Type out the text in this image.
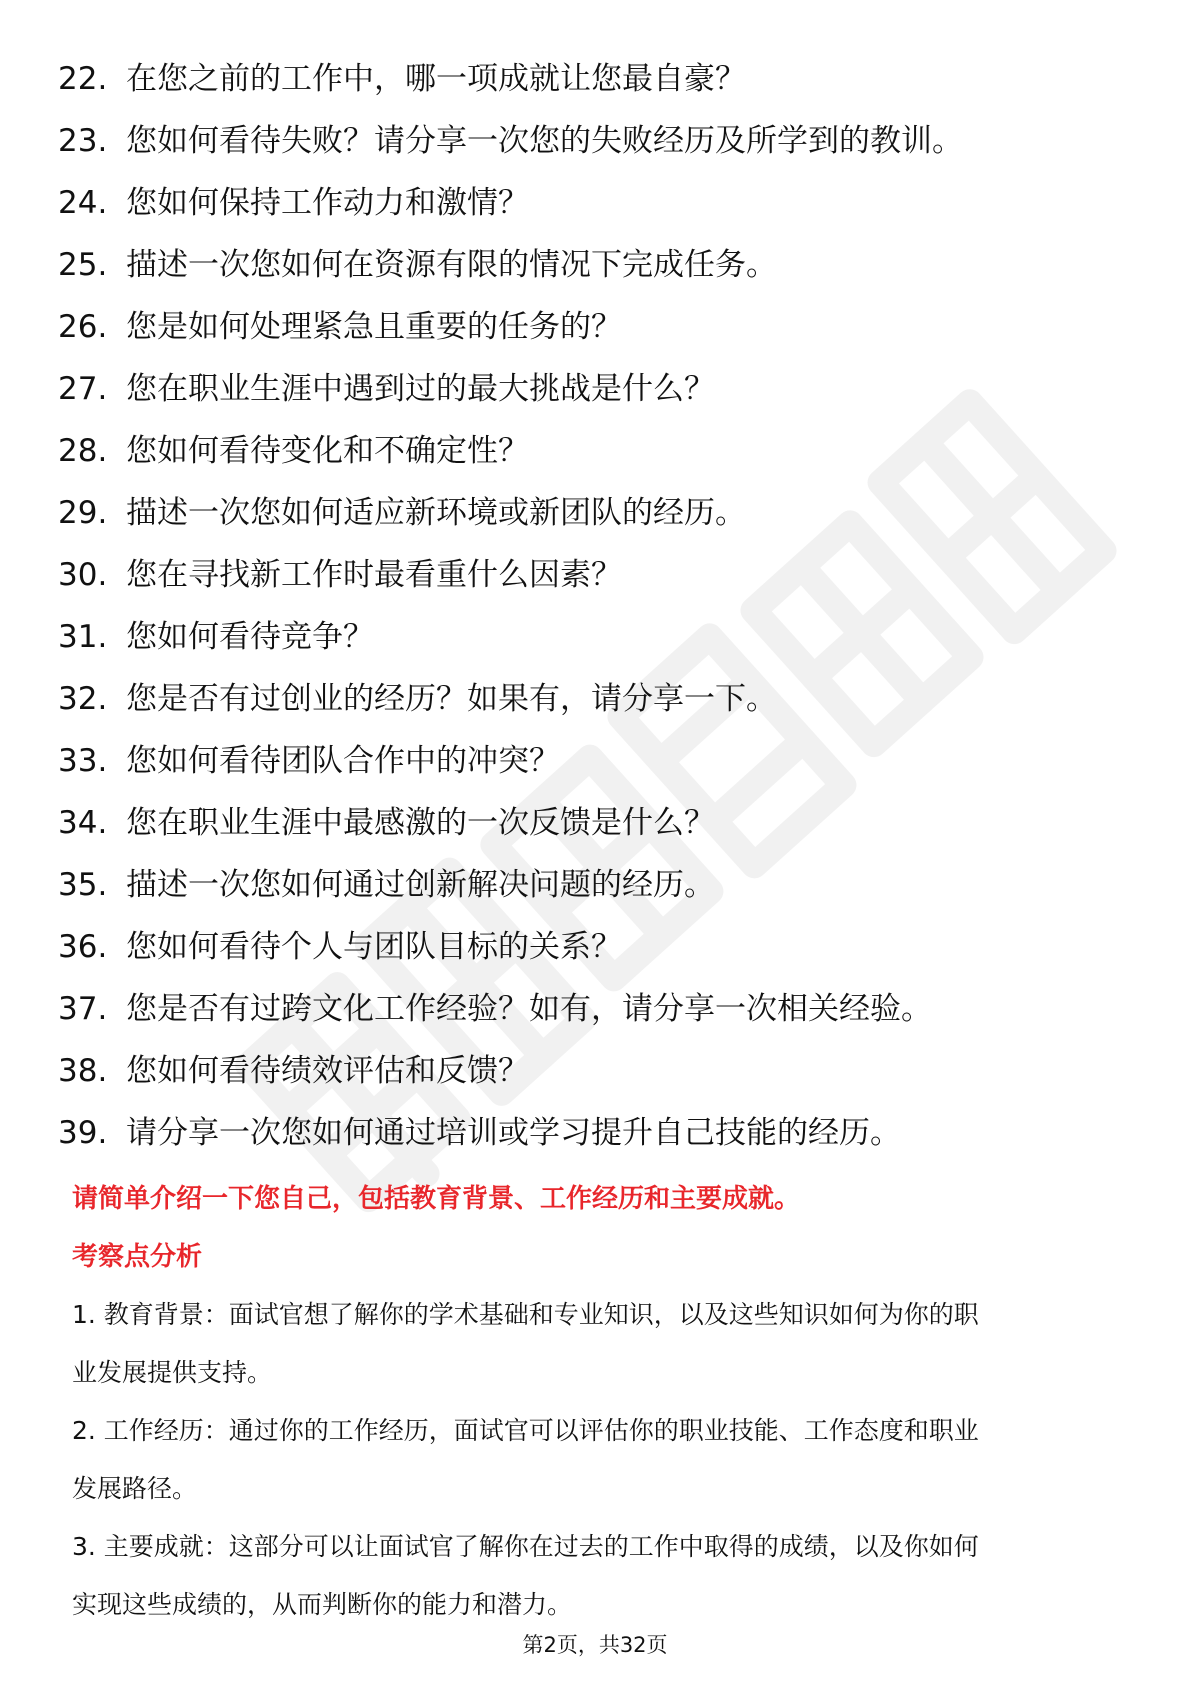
22. 在您之前的工作中，哪一项成就让您最自豪？
23. 您如何看待失败？请分享一次您的失败经历及所学到的教训。
24. 您如何保持工作动力和激情？
25. 描述一次您如何在资源有限的情况下完成任务。
26. 您是如何处理紧急且重要的任务的？
27. 您在职业生涯中遇到过的最大挑战是什么？
28. 您如何看待变化和不确定性？
29. 描述一次您如何适应新环境或新团队的经历。
30. 您在寻找新工作时最看重什么因素？
31. 您如何看待竞争？
32. 您是否有过创业的经历？如果有，请分享一下。
33. 您如何看待团队合作中的冲突？
34. 您在职业生涯中最感激的一次反馈是什么？
35. 描述一次您如何通过创新解决问题的经历。
36. 您如何看待个人与团队目标的关系？
37. 您是否有过跨文化工作经验？如有，请分享一次相关经验。
38. 您如何看待绩效评估和反馈？
39. 请分享一次您如何通过培训或学习提升自己技能的经历。
请简单介绍一下您自己，包括教育背景、工作经历和主要成就。
考察点分析
1. 教育背景：面试官想了解你的学术基础和专业知识，以及这些知识如何为你的职
业发展提供支持。
2. 工作经历：通过你的工作经历，面试官可以评估你的职业技能、工作态度和职业
发展路径。
3. 主要成就：这部分可以让面试官了解你在过去的工作中取得的成绩，以及你如何
实现这些成绩的，从而判断你的能力和潜力。
第2页，共32页
